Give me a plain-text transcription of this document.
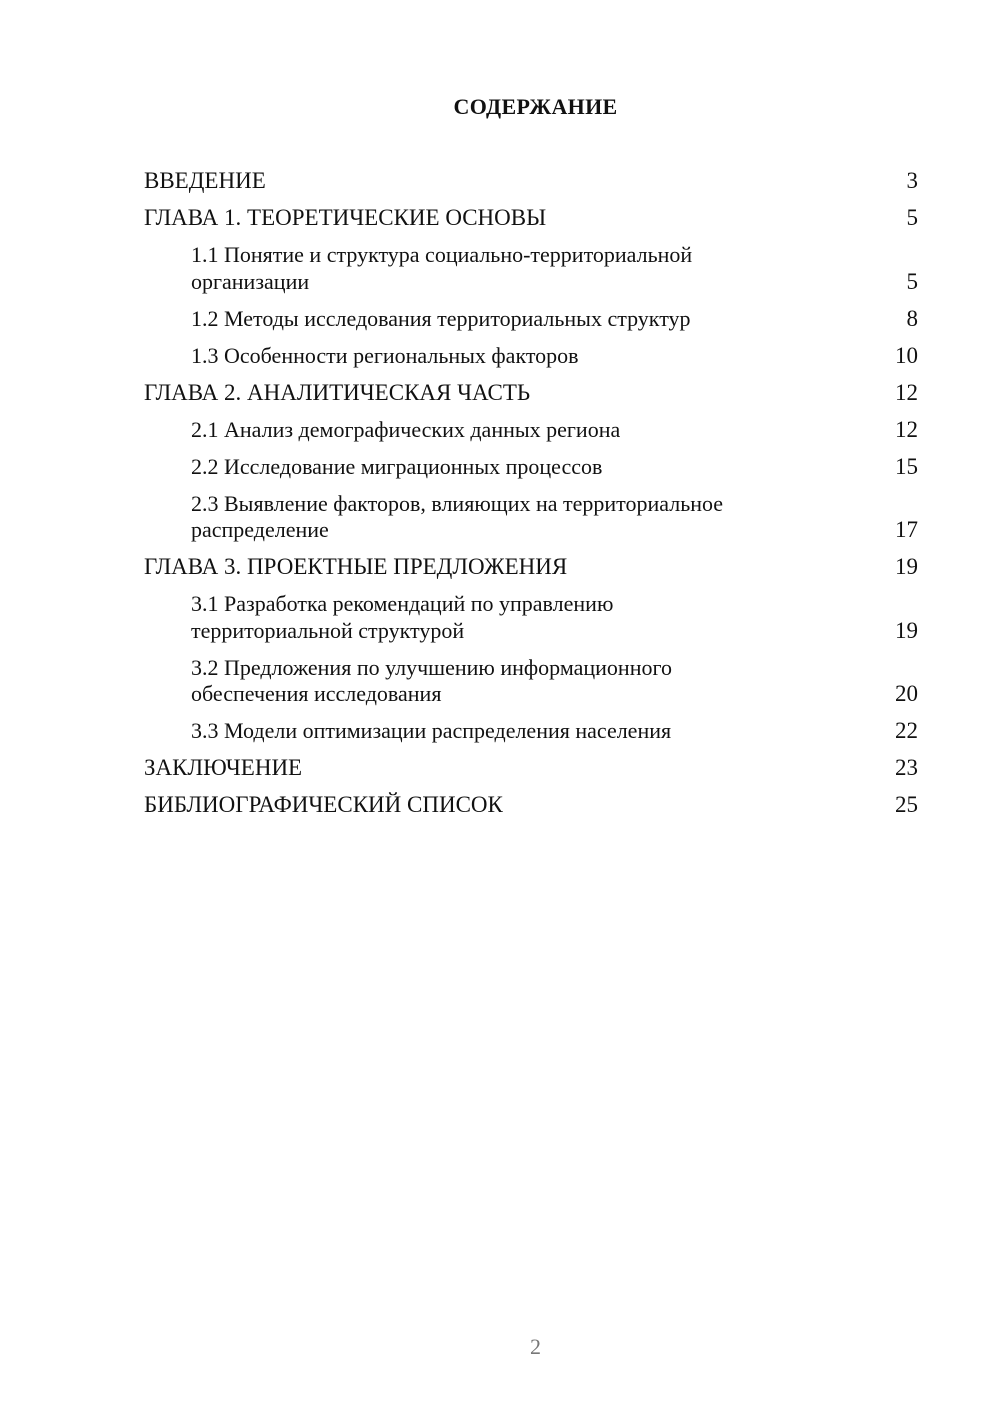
СОДЕРЖАНИЕ
ВВЕДЕНИЕ	3
ГЛАВА 1. ТЕОРЕТИЧЕСКИЕ ОСНОВЫ	5
1.1 Понятие и структура социально-территориальной организации	5
1.2 Методы исследования территориальных структур	8
1.3 Особенности региональных факторов	10
ГЛАВА 2. АНАЛИТИЧЕСКАЯ ЧАСТЬ	12
2.1 Анализ демографических данных региона	12
2.2 Исследование миграционных процессов	15
2.3 Выявление факторов, влияющих на территориальное распределение	17
ГЛАВА 3. ПРОЕКТНЫЕ ПРЕДЛОЖЕНИЯ	19
3.1 Разработка рекомендаций по управлению территориальной структурой	19
3.2 Предложения по улучшению информационного обеспечения исследования	20
3.3 Модели оптимизации распределения населения	22
ЗАКЛЮЧЕНИЕ	23
БИБЛИОГРАФИЧЕСКИЙ СПИСОК	25
2
